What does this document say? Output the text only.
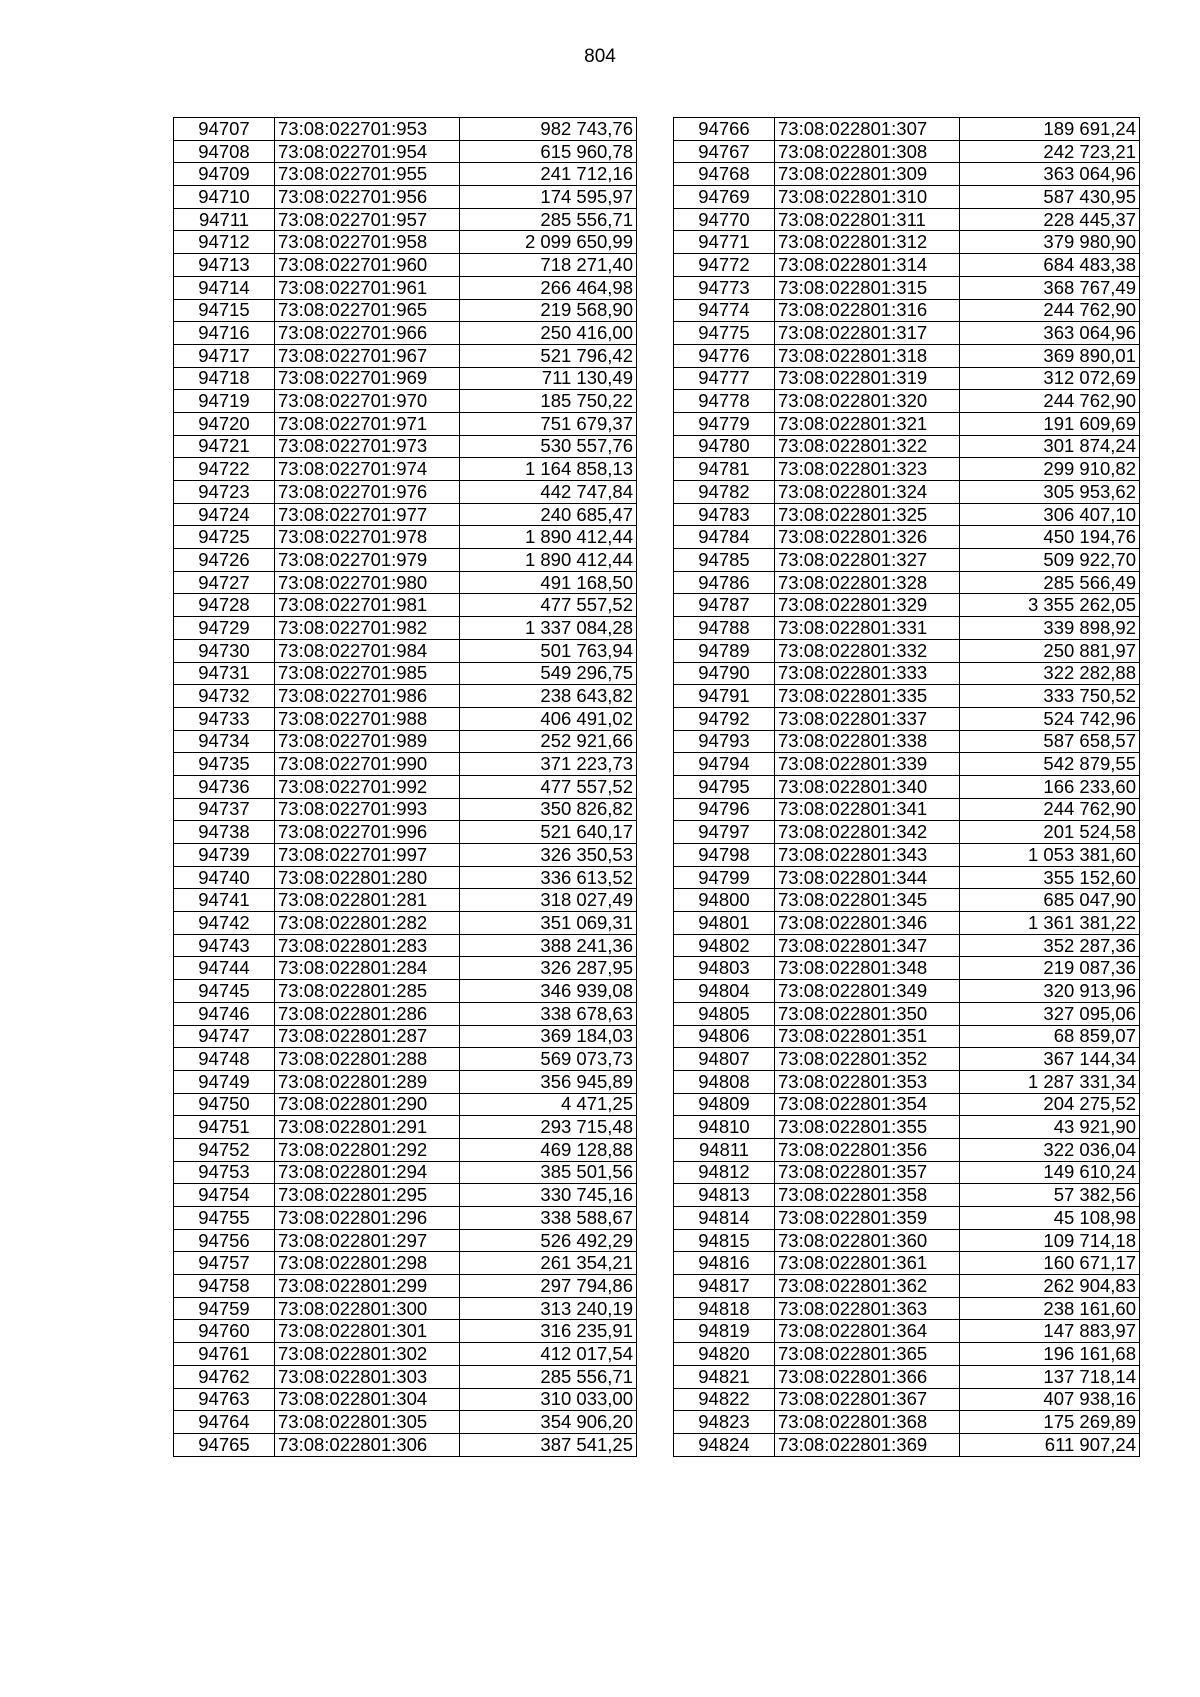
804
94707	73:08:022701:953	982 743,76
94708	73:08:022701:954	615 960,78
94709	73:08:022701:955	241 712,16
94710	73:08:022701:956	174 595,97
94711	73:08:022701:957	285 556,71
94712	73:08:022701:958	2 099 650,99
94713	73:08:022701:960	718 271,40
94714	73:08:022701:961	266 464,98
94715	73:08:022701:965	219 568,90
94716	73:08:022701:966	250 416,00
94717	73:08:022701:967	521 796,42
94718	73:08:022701:969	711 130,49
94719	73:08:022701:970	185 750,22
94720	73:08:022701:971	751 679,37
94721	73:08:022701:973	530 557,76
94722	73:08:022701:974	1 164 858,13
94723	73:08:022701:976	442 747,84
94724	73:08:022701:977	240 685,47
94725	73:08:022701:978	1 890 412,44
94726	73:08:022701:979	1 890 412,44
94727	73:08:022701:980	491 168,50
94728	73:08:022701:981	477 557,52
94729	73:08:022701:982	1 337 084,28
94730	73:08:022701:984	501 763,94
94731	73:08:022701:985	549 296,75
94732	73:08:022701:986	238 643,82
94733	73:08:022701:988	406 491,02
94734	73:08:022701:989	252 921,66
94735	73:08:022701:990	371 223,73
94736	73:08:022701:992	477 557,52
94737	73:08:022701:993	350 826,82
94738	73:08:022701:996	521 640,17
94739	73:08:022701:997	326 350,53
94740	73:08:022801:280	336 613,52
94741	73:08:022801:281	318 027,49
94742	73:08:022801:282	351 069,31
94743	73:08:022801:283	388 241,36
94744	73:08:022801:284	326 287,95
94745	73:08:022801:285	346 939,08
94746	73:08:022801:286	338 678,63
94747	73:08:022801:287	369 184,03
94748	73:08:022801:288	569 073,73
94749	73:08:022801:289	356 945,89
94750	73:08:022801:290	4 471,25
94751	73:08:022801:291	293 715,48
94752	73:08:022801:292	469 128,88
94753	73:08:022801:294	385 501,56
94754	73:08:022801:295	330 745,16
94755	73:08:022801:296	338 588,67
94756	73:08:022801:297	526 492,29
94757	73:08:022801:298	261 354,21
94758	73:08:022801:299	297 794,86
94759	73:08:022801:300	313 240,19
94760	73:08:022801:301	316 235,91
94761	73:08:022801:302	412 017,54
94762	73:08:022801:303	285 556,71
94763	73:08:022801:304	310 033,00
94764	73:08:022801:305	354 906,20
94765	73:08:022801:306	387 541,25
94766	73:08:022801:307	189 691,24
94767	73:08:022801:308	242 723,21
94768	73:08:022801:309	363 064,96
94769	73:08:022801:310	587 430,95
94770	73:08:022801:311	228 445,37
94771	73:08:022801:312	379 980,90
94772	73:08:022801:314	684 483,38
94773	73:08:022801:315	368 767,49
94774	73:08:022801:316	244 762,90
94775	73:08:022801:317	363 064,96
94776	73:08:022801:318	369 890,01
94777	73:08:022801:319	312 072,69
94778	73:08:022801:320	244 762,90
94779	73:08:022801:321	191 609,69
94780	73:08:022801:322	301 874,24
94781	73:08:022801:323	299 910,82
94782	73:08:022801:324	305 953,62
94783	73:08:022801:325	306 407,10
94784	73:08:022801:326	450 194,76
94785	73:08:022801:327	509 922,70
94786	73:08:022801:328	285 566,49
94787	73:08:022801:329	3 355 262,05
94788	73:08:022801:331	339 898,92
94789	73:08:022801:332	250 881,97
94790	73:08:022801:333	322 282,88
94791	73:08:022801:335	333 750,52
94792	73:08:022801:337	524 742,96
94793	73:08:022801:338	587 658,57
94794	73:08:022801:339	542 879,55
94795	73:08:022801:340	166 233,60
94796	73:08:022801:341	244 762,90
94797	73:08:022801:342	201 524,58
94798	73:08:022801:343	1 053 381,60
94799	73:08:022801:344	355 152,60
94800	73:08:022801:345	685 047,90
94801	73:08:022801:346	1 361 381,22
94802	73:08:022801:347	352 287,36
94803	73:08:022801:348	219 087,36
94804	73:08:022801:349	320 913,96
94805	73:08:022801:350	327 095,06
94806	73:08:022801:351	68 859,07
94807	73:08:022801:352	367 144,34
94808	73:08:022801:353	1 287 331,34
94809	73:08:022801:354	204 275,52
94810	73:08:022801:355	43 921,90
94811	73:08:022801:356	322 036,04
94812	73:08:022801:357	149 610,24
94813	73:08:022801:358	57 382,56
94814	73:08:022801:359	45 108,98
94815	73:08:022801:360	109 714,18
94816	73:08:022801:361	160 671,17
94817	73:08:022801:362	262 904,83
94818	73:08:022801:363	238 161,60
94819	73:08:022801:364	147 883,97
94820	73:08:022801:365	196 161,68
94821	73:08:022801:366	137 718,14
94822	73:08:022801:367	407 938,16
94823	73:08:022801:368	175 269,89
94824	73:08:022801:369	611 907,24
